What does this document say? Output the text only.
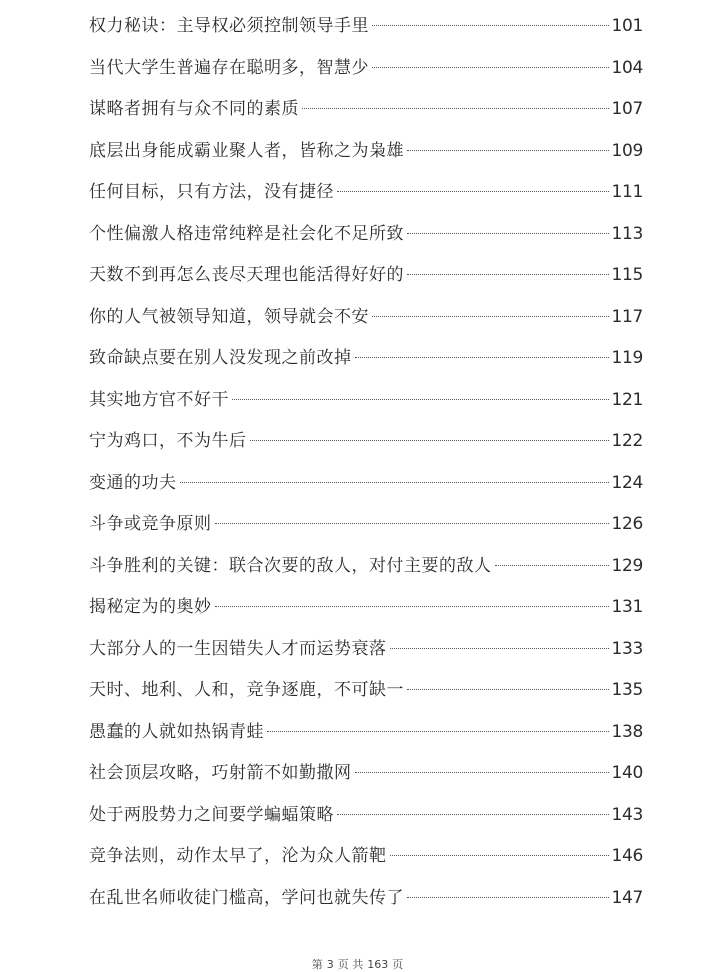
权力秘诀：主导权必须控制领导手里	101
当代大学生普遍存在聪明多，智慧少	104
谋略者拥有与众不同的素质	107
底层出身能成霸业聚人者，皆称之为枭雄	109
任何目标，只有方法，没有捷径	111
个性偏激人格违常纯粹是社会化不足所致	113
天数不到再怎么丧尽天理也能活得好好的	115
你的人气被领导知道，领导就会不安	117
致命缺点要在别人没发现之前改掉	119
其实地方官不好干	121
宁为鸡口，不为牛后	122
变通的功夫	124
斗争或竞争原则	126
斗争胜利的关键：联合次要的敌人，对付主要的敌人	129
揭秘定为的奥妙	131
大部分人的一生因错失人才而运势衰落	133
天时、地利、人和，竞争逐鹿，不可缺一	135
愚蠢的人就如热锅青蛙	138
社会顶层攻略，巧射箭不如勤撒网	140
处于两股势力之间要学蝙蝠策略	143
竞争法则，动作太早了，沦为众人箭靶	146
在乱世名师收徒门槛高，学问也就失传了	147
第 3 页 共 163 页
